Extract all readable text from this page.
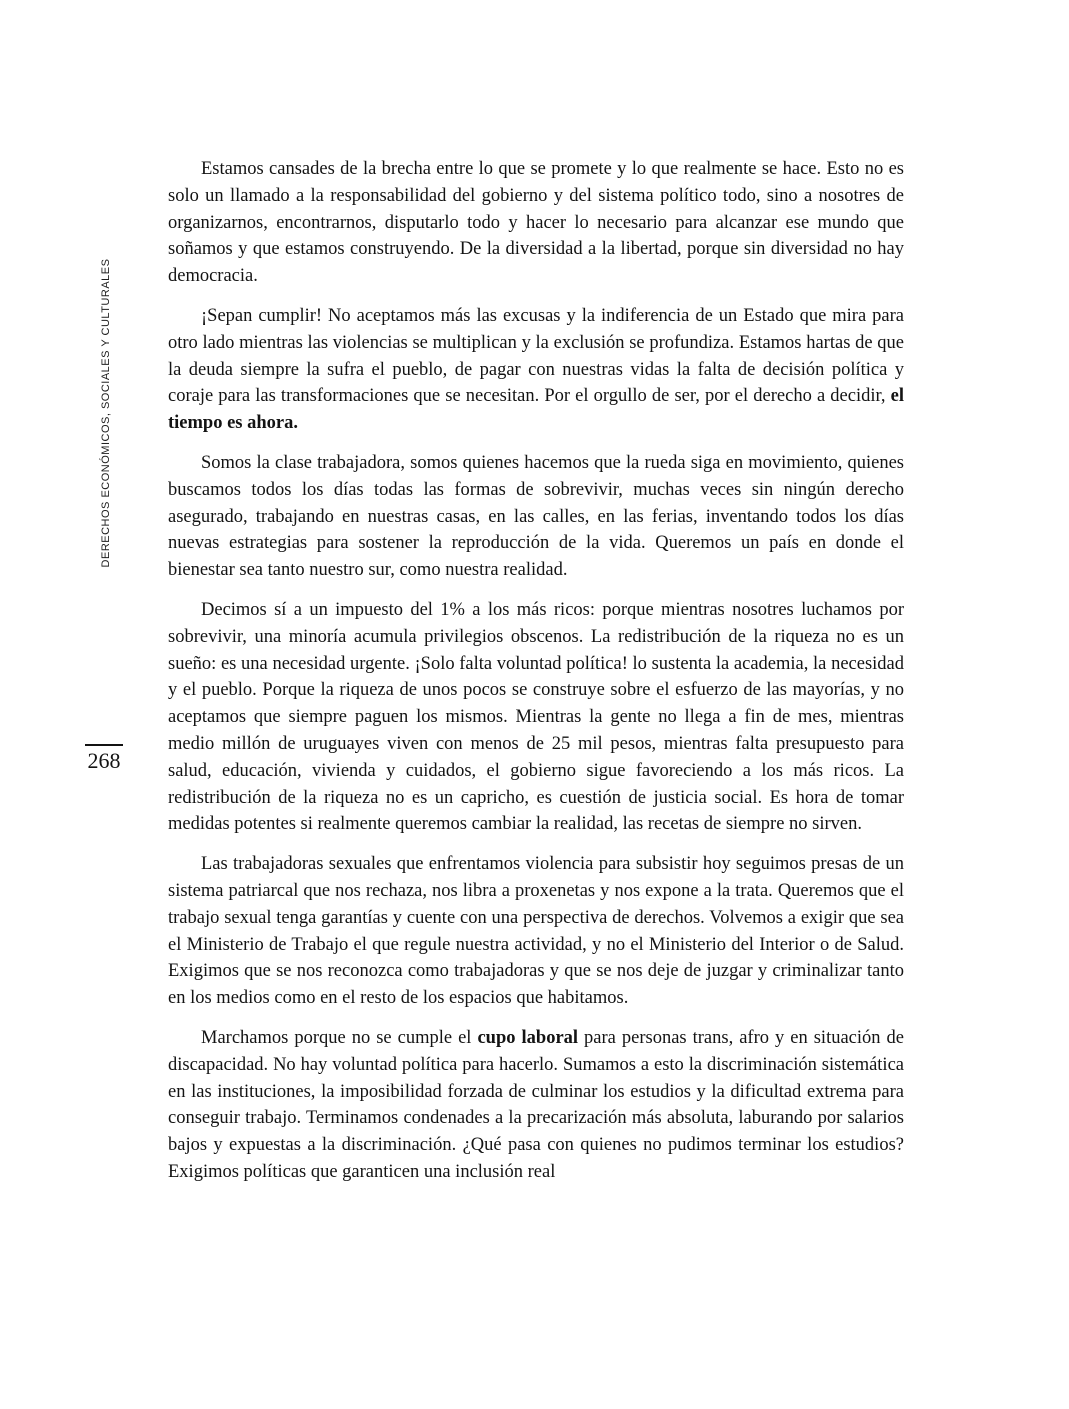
DERECHOS ECONÓMICOS, SOCIALES Y CULTURALES
268

Estamos cansades de la brecha entre lo que se promete y lo que realmente se hace. Esto no es solo un llamado a la responsabilidad del gobierno y del sistema político todo, sino a nosotres de organizarnos, encontrarnos, disputarlo todo y hacer lo necesario para alcanzar ese mundo que soñamos y que estamos construyendo. De la diversidad a la libertad, porque sin diversidad no hay democracia.

¡Sepan cumplir! No aceptamos más las excusas y la indiferencia de un Estado que mira para otro lado mientras las violencias se multiplican y la exclusión se profundiza. Estamos hartas de que la deuda siempre la sufra el pueblo, de pagar con nuestras vidas la falta de decisión política y coraje para las transformaciones que se necesitan. Por el orgullo de ser, por el derecho a decidir, el tiempo es ahora.

Somos la clase trabajadora, somos quienes hacemos que la rueda siga en movimiento, quienes buscamos todos los días todas las formas de sobrevivir, muchas veces sin ningún derecho asegurado, trabajando en nuestras casas, en las calles, en las ferias, inventando todos los días nuevas estrategias para sostener la reproducción de la vida. Queremos un país en donde el bienestar sea tanto nuestro sur, como nuestra realidad.

Decimos sí a un impuesto del 1% a los más ricos: porque mientras nosotres luchamos por sobrevivir, una minoría acumula privilegios obscenos. La redistribución de la riqueza no es un sueño: es una necesidad urgente. ¡Solo falta voluntad política! lo sustenta la academia, la necesidad y el pueblo. Porque la riqueza de unos pocos se construye sobre el esfuerzo de las mayorías, y no aceptamos que siempre paguen los mismos. Mientras la gente no llega a fin de mes, mientras medio millón de uruguayes viven con menos de 25 mil pesos, mientras falta presupuesto para salud, educación, vivienda y cuidados, el gobierno sigue favoreciendo a los más ricos. La redistribución de la riqueza no es un capricho, es cuestión de justicia social. Es hora de tomar medidas potentes si realmente queremos cambiar la realidad, las recetas de siempre no sirven.

Las trabajadoras sexuales que enfrentamos violencia para subsistir hoy seguimos presas de un sistema patriarcal que nos rechaza, nos libra a proxenetas y nos expone a la trata. Queremos que el trabajo sexual tenga garantías y cuente con una perspectiva de derechos. Volvemos a exigir que sea el Ministerio de Trabajo el que regule nuestra actividad, y no el Ministerio del Interior o de Salud. Exigimos que se nos reconozca como trabajadoras y que se nos deje de juzgar y criminalizar tanto en los medios como en el resto de los espacios que habitamos.

Marchamos porque no se cumple el cupo laboral para personas trans, afro y en situación de discapacidad. No hay voluntad política para hacerlo. Sumamos a esto la discriminación sistemática en las instituciones, la imposibilidad forzada de culminar los estudios y la dificultad extrema para conseguir trabajo. Terminamos condenades a la precarización más absoluta, laburando por salarios bajos y expuestas a la discriminación. ¿Qué pasa con quienes no pudimos terminar los estudios? Exigimos políticas que garanticen una inclusión real
